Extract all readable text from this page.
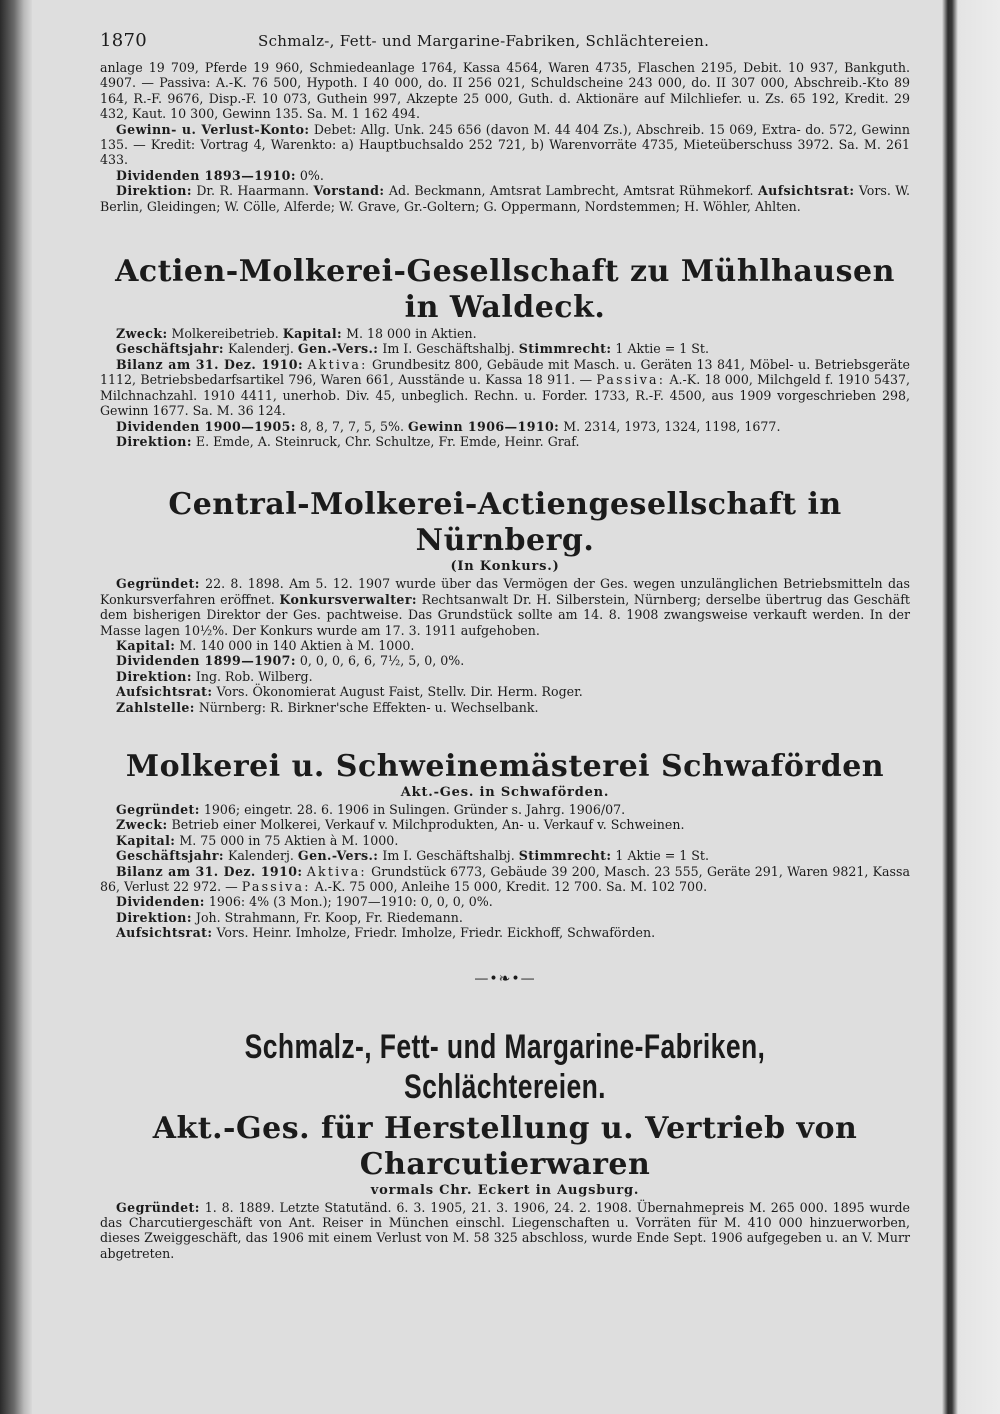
1870	Schmalz-, Fett- und Margarine-Fabriken, Schlächtereien.

anlage 19 709, Pferde 19 960, Schmiedeanlage 1764, Kassa 4564, Waren 4735, Flaschen 2195, Debit. 10 937, Bankguth. 4907. — Passiva: A.-K. 76 500, Hypoth. I 40 000, do. II 256 021, Schuldscheine 243 000, do. II 307 000, Abschreib.-Kto 89 164, R.-F. 9676, Disp.-F. 10 073, Guthein 997, Akzepte 25 000, Guth. d. Aktionäre auf Milchliefer. u. Zs. 65 192, Kredit. 29 432, Kaut. 10 300, Gewinn 135. Sa. M. 1 162 494.

Gewinn- u. Verlust-Konto: Debet: Allg. Unk. 245 656 (davon M. 44 404 Zs.), Abschreib. 15 069, Extra- do. 572, Gewinn 135. — Kredit: Vortrag 4, Warenkto: a) Hauptbuchsaldo 252 721, b) Warenvorräte 4735, Mieteüberschuss 3972. Sa. M. 261 433.

Dividenden 1893—1910: 0%.

Direktion: Dr. R. Haarmann. Vorstand: Ad. Beckmann, Amtsrat Lambrecht, Amtsrat Rühmekorf. Aufsichtsrat: Vors. W. Berlin, Gleidingen; W. Cölle, Alferde; W. Grave, Gr.-Goltern; G. Oppermann, Nordstemmen; H. Wöhler, Ahlten.

Actien-Molkerei-Gesellschaft zu Mühlhausen in Waldeck.

Zweck: Molkereibetrieb. Kapital: M. 18 000 in Aktien.

Geschäftsjahr: Kalenderj. Gen.-Vers.: Im I. Geschäftshalbj. Stimmrecht: 1 Aktie = 1 St.

Bilanz am 31. Dez. 1910: Aktiva: Grundbesitz 800, Gebäude mit Masch. u. Geräten 13 841, Möbel- u. Betriebsgeräte 1112, Betriebsbedarfsartikel 796, Waren 661, Ausstände u. Kassa 18 911. — Passiva: A.-K. 18 000, Milchgeld f. 1910 5437, Milchnachzahl. 1910 4411, unerhob. Div. 45, unbeglich. Rechn. u. Forder. 1733, R.-F. 4500, aus 1909 vorgeschrieben 298, Gewinn 1677. Sa. M. 36 124.

Dividenden 1900—1905: 8, 8, 7, 7, 5, 5%. Gewinn 1906—1910: M. 2314, 1973, 1324, 1198, 1677.

Direktion: E. Emde, A. Steinruck, Chr. Schultze, Fr. Emde, Heinr. Graf.

Central-Molkerei-Actiengesellschaft in Nürnberg.
(In Konkurs.)

Gegründet: 22. 8. 1898. Am 5. 12. 1907 wurde über das Vermögen der Ges. wegen unzulänglichen Betriebsmitteln das Konkursverfahren eröffnet. Konkursverwalter: Rechtsanwalt Dr. H. Silberstein, Nürnberg; derselbe übertrug das Geschäft dem bisherigen Direktor der Ges. pachtweise. Das Grundstück sollte am 14. 8. 1908 zwangsweise verkauft werden. In der Masse lagen 10½%. Der Konkurs wurde am 17. 3. 1911 aufgehoben.

Kapital: M. 140 000 in 140 Aktien à M. 1000.

Dividenden 1899—1907: 0, 0, 0, 6, 6, 7½, 5, 0, 0%.

Direktion: Ing. Rob. Wilberg.

Aufsichtsrat: Vors. Ökonomierat August Faist, Stellv. Dir. Herm. Roger.

Zahlstelle: Nürnberg: R. Birkner'sche Effekten- u. Wechselbank.

Molkerei u. Schweinemästerei Schwaförden
Akt.-Ges. in Schwaförden.

Gegründet: 1906; eingetr. 28. 6. 1906 in Sulingen. Gründer s. Jahrg. 1906/07.

Zweck: Betrieb einer Molkerei, Verkauf v. Milchprodukten, An- u. Verkauf v. Schweinen.

Kapital: M. 75 000 in 75 Aktien à M. 1000.

Geschäftsjahr: Kalenderj. Gen.-Vers.: Im I. Geschäftshalbj. Stimmrecht: 1 Aktie = 1 St.

Bilanz am 31. Dez. 1910: Aktiva: Grundstück 6773, Gebäude 39 200, Masch. 23 555, Geräte 291, Waren 9821, Kassa 86, Verlust 22 972. — Passiva: A.-K. 75 000, Anleihe 15 000, Kredit. 12 700. Sa. M. 102 700.

Dividenden: 1906: 4% (3 Mon.); 1907—1910: 0, 0, 0, 0%.

Direktion: Joh. Strahmann, Fr. Koop, Fr. Riedemann.

Aufsichtsrat: Vors. Heinr. Imholze, Friedr. Imholze, Friedr. Eickhoff, Schwaförden.

—•❧•—
Schmalz-, Fett- und Margarine-Fabriken, Schlächtereien.
Akt.-Ges. für Herstellung u. Vertrieb von Charcutierwaren
vormals Chr. Eckert in Augsburg.

Gegründet: 1. 8. 1889. Letzte Statutänd. 6. 3. 1905, 21. 3. 1906, 24. 2. 1908. Übernahmepreis M. 265 000. 1895 wurde das Charcutiergeschäft von Ant. Reiser in München einschl. Liegenschaften u. Vorräten für M. 410 000 hinzuerworben, dieses Zweiggeschäft, das 1906 mit einem Verlust von M. 58 325 abschloss, wurde Ende Sept. 1906 aufgegeben u. an V. Murr abgetreten.
